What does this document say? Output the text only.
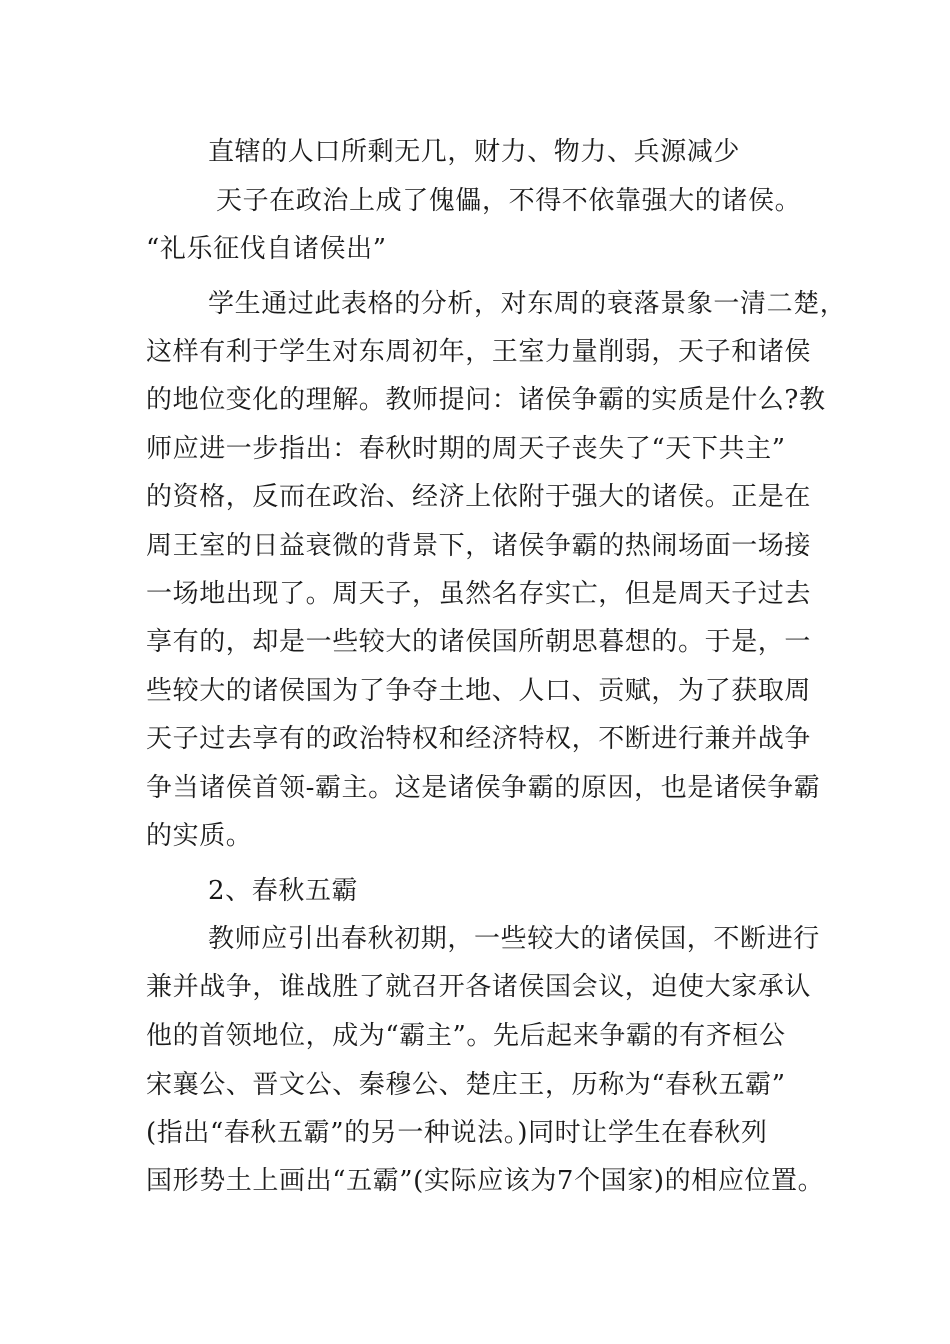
直辖的人口所剩无几，财力、物力、兵源减少
天子在政治上成了傀儡，不得不依靠强大的诸侯。
“礼乐征伐自诸侯出”
学生通过此表格的分析，对东周的衰落景象一清二楚，
这样有利于学生对东周初年，王室力量削弱，天子和诸侯
的地位变化的理解。教师提问：诸侯争霸的实质是什么?教
师应进一步指出：春秋时期的周天子丧失了“天下共主”
的资格，反而在政治、经济上依附于强大的诸侯。正是在
周王室的日益衰微的背景下，诸侯争霸的热闹场面一场接
一场地出现了。周天子，虽然名存实亡，但是周天子过去
享有的，却是一些较大的诸侯国所朝思暮想的。于是，一
些较大的诸侯国为了争夺土地、人口、贡赋，为了获取周
天子过去享有的政治特权和经济特权，不断进行兼并战争
争当诸侯首领-霸主。这是诸侯争霸的原因，也是诸侯争霸
的实质。
2、春秋五霸
教师应引出春秋初期，一些较大的诸侯国，不断进行
兼并战争，谁战胜了就召开各诸侯国会议，迫使大家承认
他的首领地位，成为“霸主”。先后起来争霸的有齐桓公
宋襄公、晋文公、秦穆公、楚庄王，历称为“春秋五霸”
(指出“春秋五霸”的另一种说法。)同时让学生在春秋列
国形势土上画出“五霸”(实际应该为7个国家)的相应位置。
